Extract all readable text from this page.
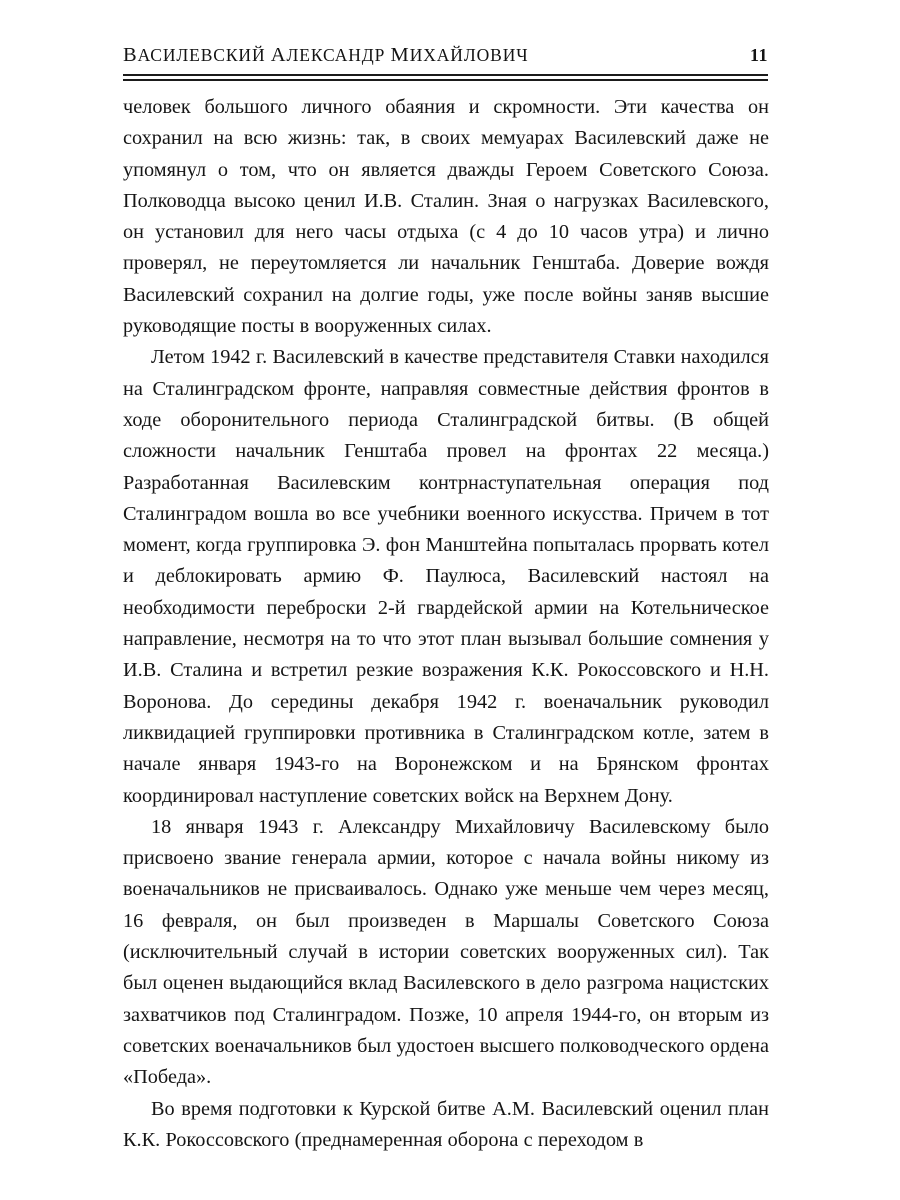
ВАСИЛЕВСКИЙ АЛЕКСАНДР МИХАЙЛОВИЧ	11

человек большого личного обаяния и скромности. Эти качества он сохранил на всю жизнь: так, в своих мемуарах Василевский даже не упомянул о том, что он является дважды Героем Советского Союза. Полководца высоко ценил И.В. Сталин. Зная о нагрузках Василевского, он установил для него часы отдыха (с 4 до 10 часов утра) и лично проверял, не переутомляется ли начальник Генштаба. Доверие вождя Василевский сохранил на долгие годы, уже после войны заняв высшие руководящие посты в вооруженных силах.

Летом 1942 г. Василевский в качестве представителя Ставки находился на Сталинградском фронте, направляя совместные действия фронтов в ходе оборонительного периода Сталинградской битвы. (В общей сложности начальник Генштаба провел на фронтах 22 месяца.) Разработанная Василевским контрнаступательная операция под Сталинградом вошла во все учебники военного искусства. Причем в тот момент, когда группировка Э. фон Манштейна попыталась прорвать котел и деблокировать армию Ф. Паулюса, Василевский настоял на необходимости переброски 2-й гвардейской армии на Котельническое направление, несмотря на то что этот план вызывал большие сомнения у И.В. Сталина и встретил резкие возражения К.К. Рокоссовского и Н.Н. Воронова. До середины декабря 1942 г. военачальник руководил ликвидацией группировки противника в Сталинградском котле, затем в начале января 1943-го на Воронежском и на Брянском фронтах координировал наступление советских войск на Верхнем Дону.

18 января 1943 г. Александру Михайловичу Василевскому было присвоено звание генерала армии, которое с начала войны никому из военачальников не присваивалось. Однако уже меньше чем через месяц, 16 февраля, он был произведен в Маршалы Советского Союза (исключительный случай в истории советских вооруженных сил). Так был оценен выдающийся вклад Василевского в дело разгрома нацистских захватчиков под Сталинградом. Позже, 10 апреля 1944-го, он вторым из советских военачальников был удостоен высшего полководческого ордена «Победа».

Во время подготовки к Курской битве А.М. Василевский оценил план К.К. Рокоссовского (преднамеренная оборона с переходом в
